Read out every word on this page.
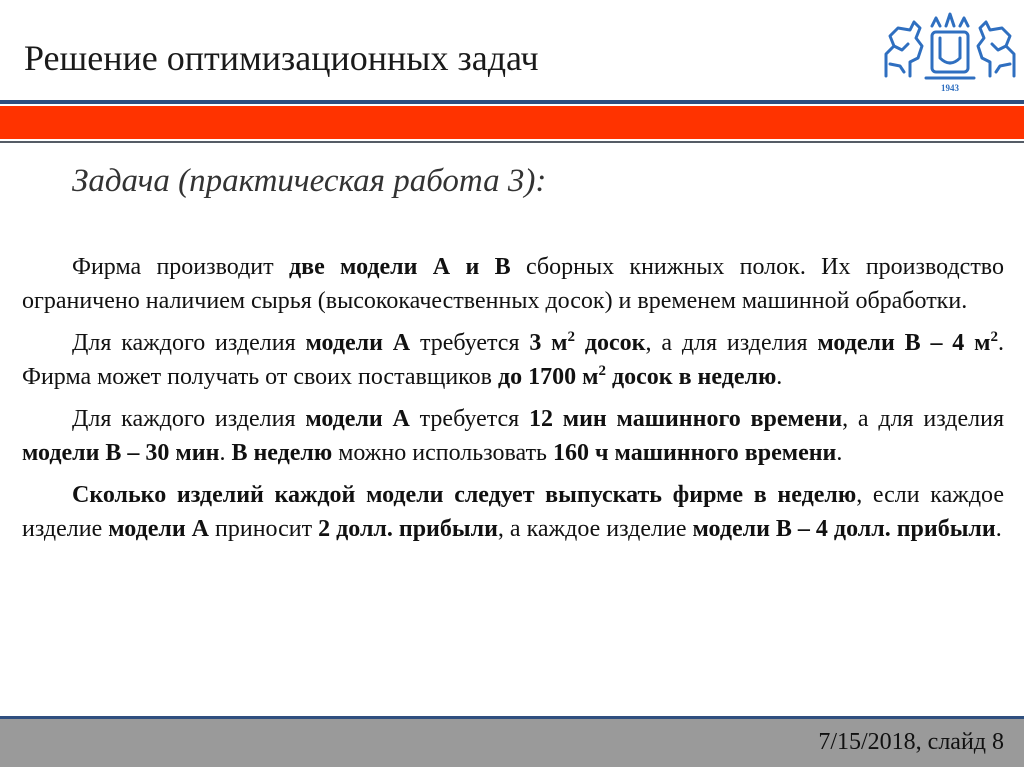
Решение оптимизационных задач
1943
Задача (практическая работа 3):

Фирма производит две модели А и В сборных книжных полок. Их производство ограничено наличием сырья (высококачественных досок) и временем машинной обработки.

Для каждого изделия модели А требуется 3 $м^2$ досок, а для изделия модели В – 4 $м^2$. Фирма может получать от своих поставщиков до 1700 $м^2$ досок в неделю.

Для каждого изделия модели А требуется 12 мин машинного времени, а для изделия модели В – 30 мин. В неделю можно использовать 160 ч машинного времени.

Сколько изделий каждой модели следует выпускать фирме в неделю, если каждое изделие модели А приносит 2 долл. прибыли, а каждое изделие модели В – 4 долл. прибыли.

7/15/2018, слайд 8
